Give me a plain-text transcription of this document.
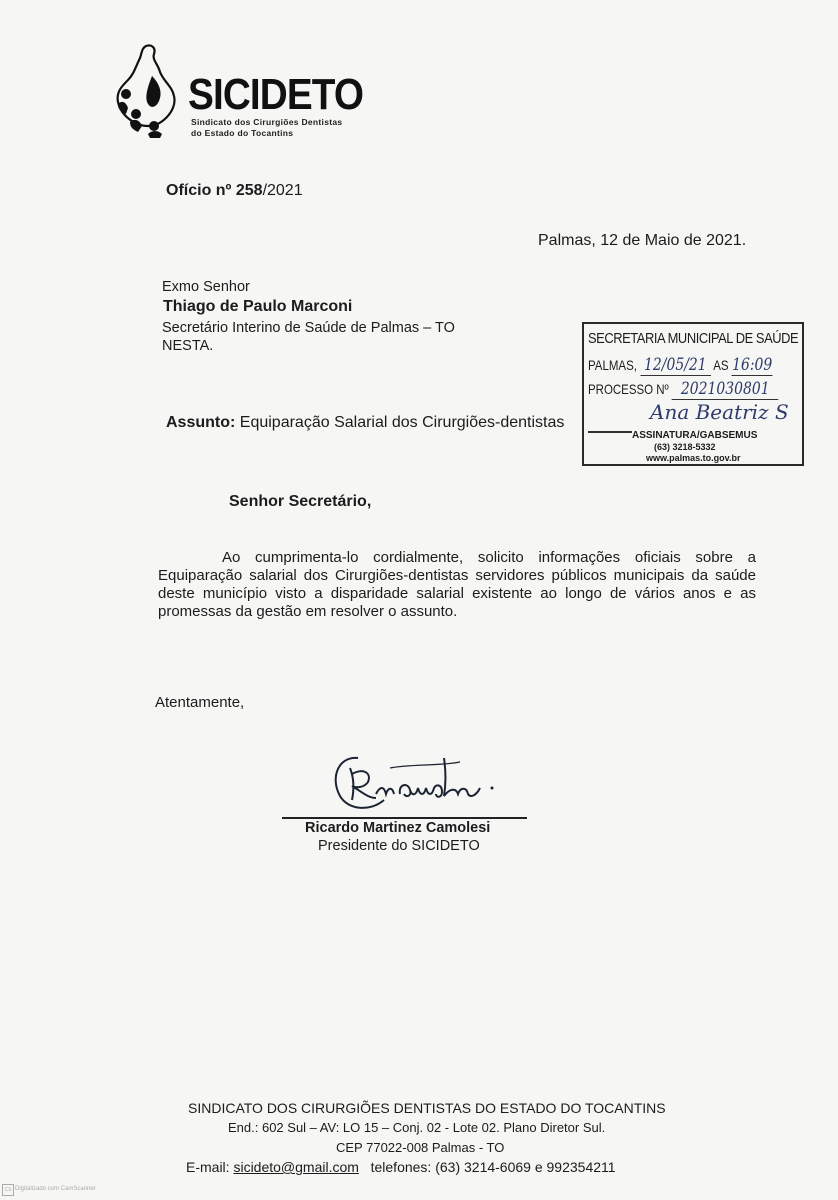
SICIDETO
Sindicato dos Cirurgiões Dentistas
do Estado do Tocantins
Ofício nº 258/2021
Palmas, 12 de Maio de 2021.
Exmo Senhor
Thiago de Paulo Marconi
Secretário Interino de Saúde de Palmas – TO
NESTA.
Assunto: Equiparação Salarial dos Cirurgiões-dentistas
SECRETARIA MUNICIPAL DE SAÚDE
PALMAS, 12/05/21 AS 16:09
PROCESSO Nº 2021030801
Ana Beatriz S
ASSINATURA/GABSEMUS
(63) 3218-5332
www.palmas.to.gov.br
Senhor Secretário,
Ao cumprimenta-lo cordialmente, solicito informações oficiais sobre a Equiparação salarial dos Cirurgiões-dentistas servidores públicos municipais da saúde deste município visto a disparidade salarial existente ao longo de vários anos e as promessas da gestão em resolver o assunto.
Atentamente,
Ricardo Martinez Camolesi
Presidente do SICIDETO
SINDICATO DOS CIRURGIÕES DENTISTAS DO ESTADO DO TOCANTINS
End.: 602 Sul – AV: LO 15 – Conj. 02 - Lote 02. Plano Diretor Sul.
CEP 77022-008 Palmas - TO
E-mail: sicideto@gmail.com telefones: (63) 3214-6069 e 992354211
CS Digitalizado com CamScanner
